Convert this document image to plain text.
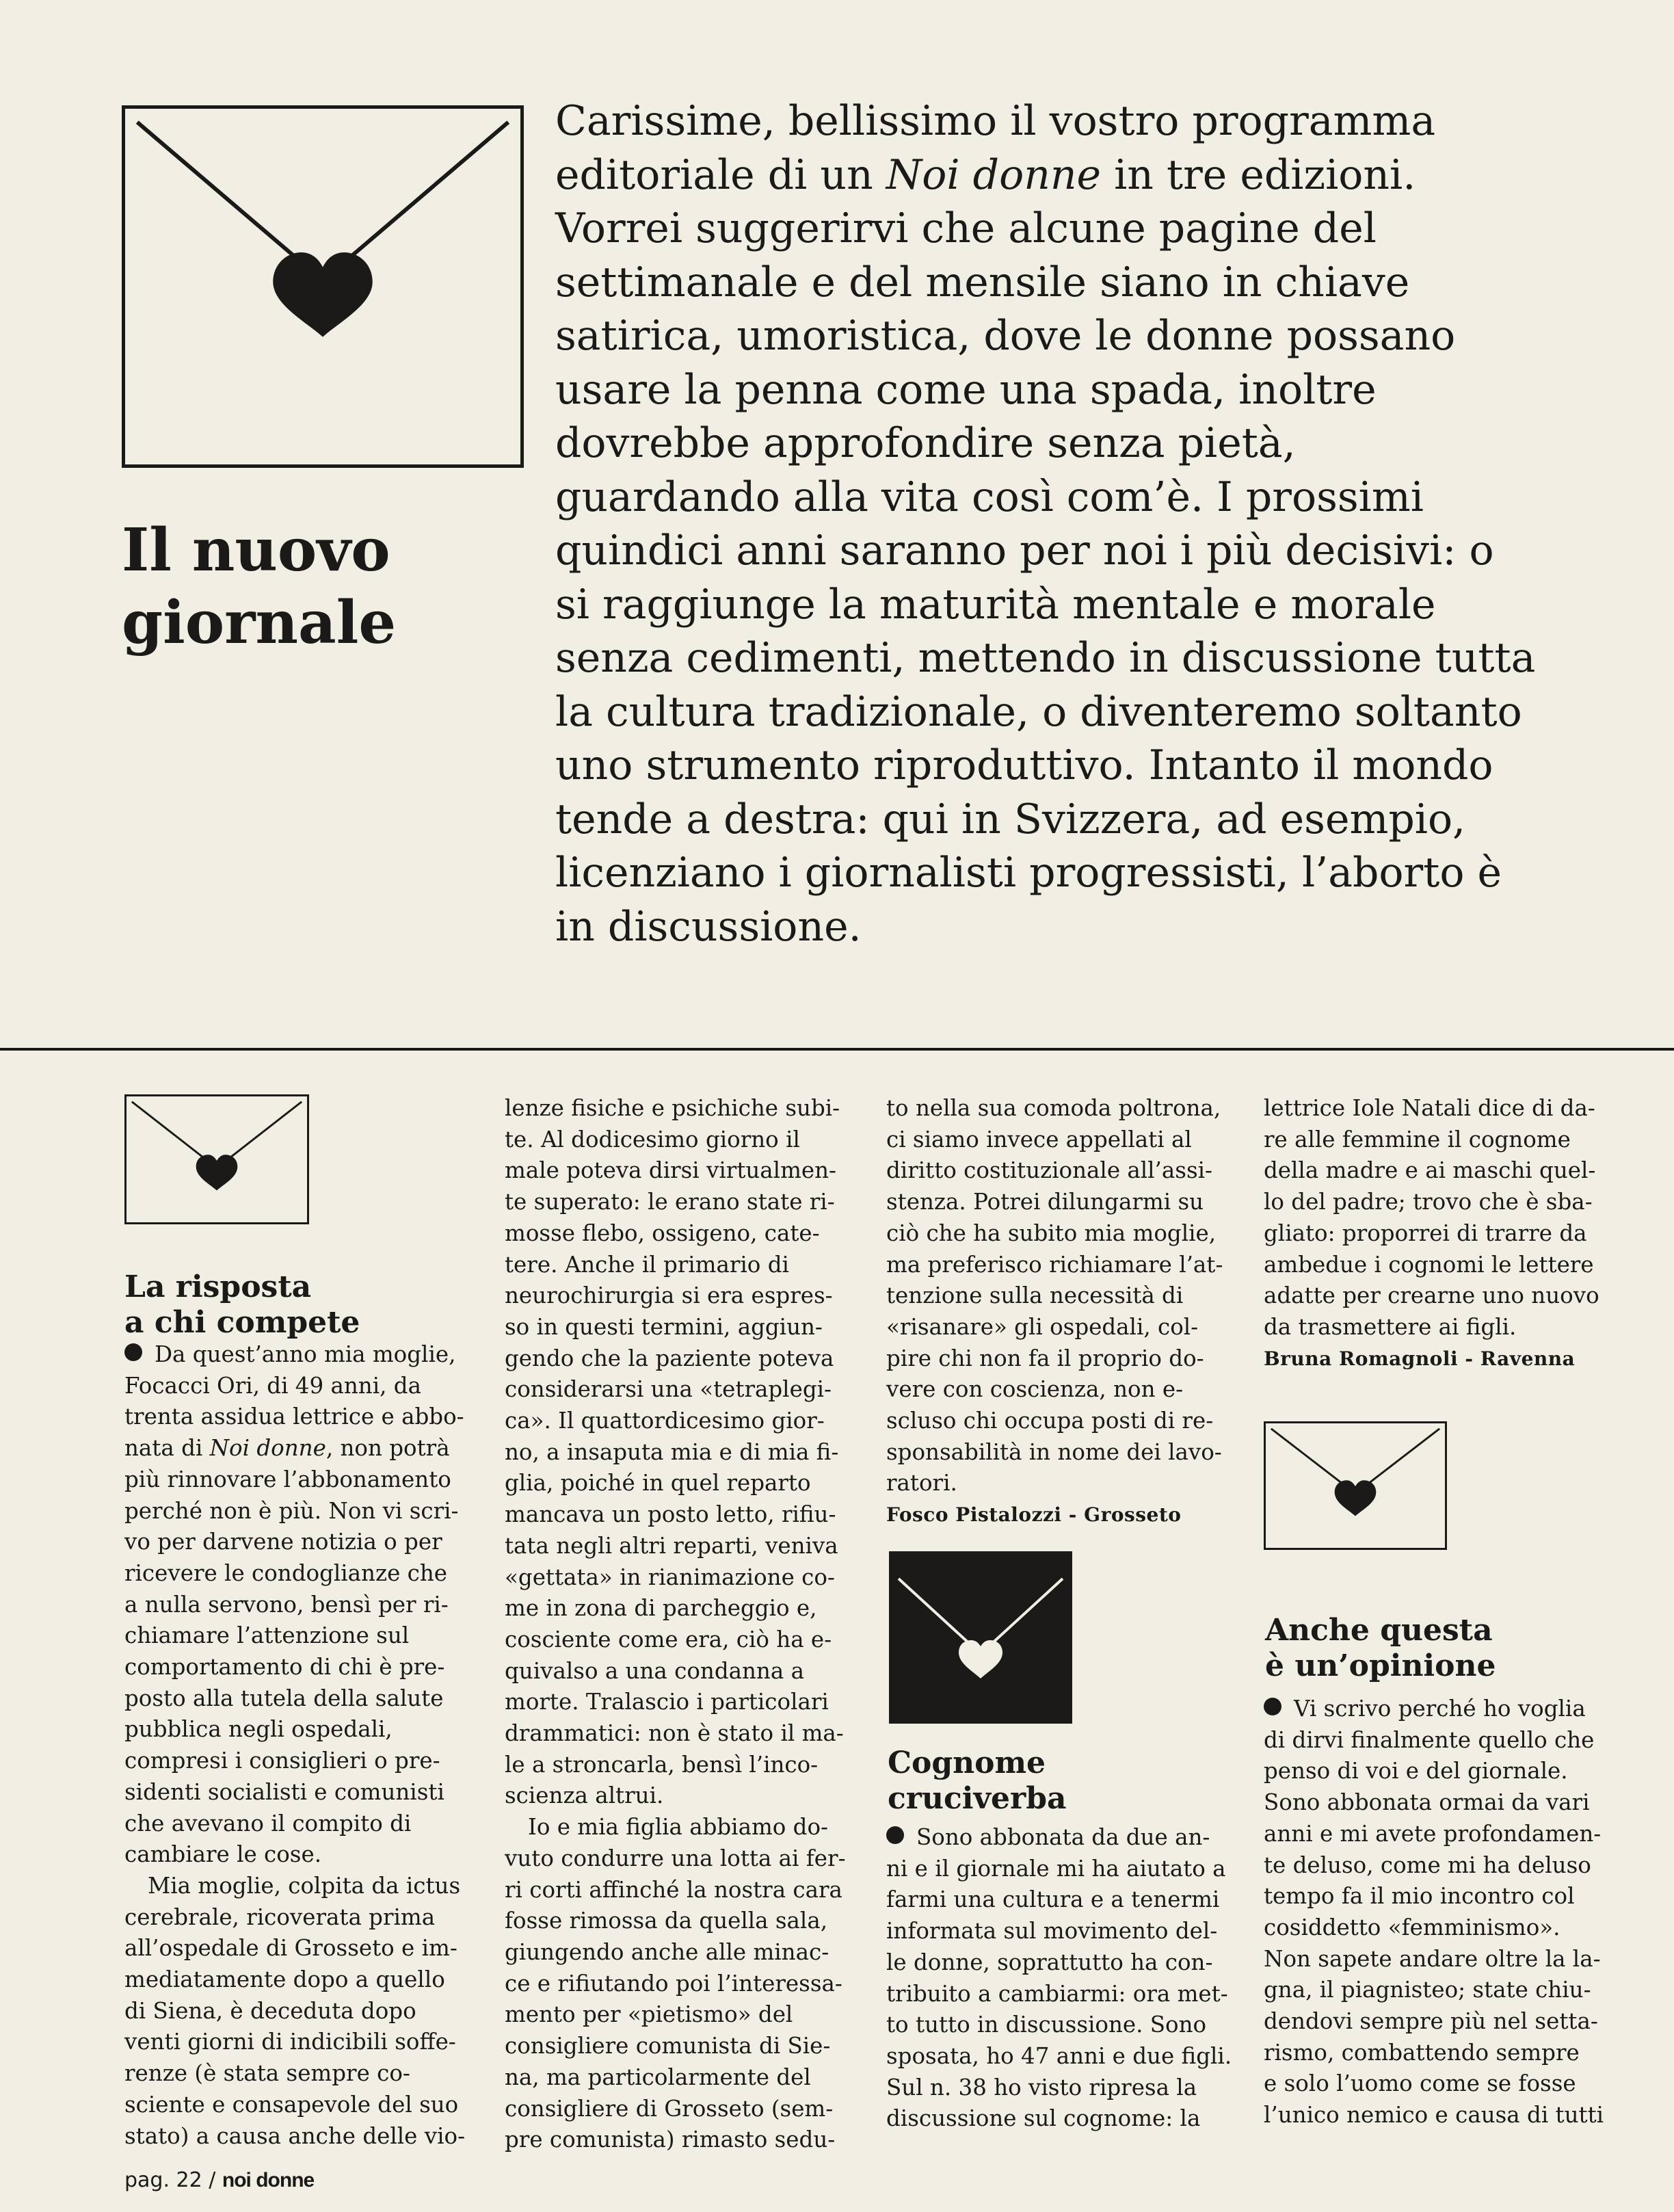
Il nuovo giornale
Carissime, bellissimo il vostro programma
editoriale di un Noi donne in tre edizioni.
Vorrei suggerirvi che alcune pagine del
settimanale e del mensile siano in chiave
satirica, umoristica, dove le donne possano
usare la penna come una spada, inoltre
dovrebbe approfondire senza pietà,
guardando alla vita così com’è. I prossimi
quindici anni saranno per noi i più decisivi: o
si raggiunge la maturità mentale e morale
senza cedimenti, mettendo in discussione tutta
la cultura tradizionale, o diventeremo soltanto
uno strumento riproduttivo. Intanto il mondo
tende a destra: qui in Svizzera, ad esempio,
licenziano i giornalisti progressisti, l’aborto è
in discussione.
La risposta
a chi compete
Da quest’anno mia moglie,
Focacci Ori, di 49 anni, da
trenta assidua lettrice e abbo-
nata di Noi donne, non potrà
più rinnovare l’abbonamento
perché non è più. Non vi scri-
vo per darvene notizia o per
ricevere le condoglianze che
a nulla servono, bensì per ri-
chiamare l’attenzione sul
comportamento di chi è pre-
posto alla tutela della salute
pubblica negli ospedali,
compresi i consiglieri o pre-
sidenti socialisti e comunisti
che avevano il compito di
cambiare le cose.
Mia moglie, colpita da ictus
cerebrale, ricoverata prima
all’ospedale di Grosseto e im-
mediatamente dopo a quello
di Siena, è deceduta dopo
venti giorni di indicibili soffe-
renze (è stata sempre co-
sciente e consapevole del suo
stato) a causa anche delle vio-
lenze fisiche e psichiche subi-
te. Al dodicesimo giorno il
male poteva dirsi virtualmen-
te superato: le erano state ri-
mosse flebo, ossigeno, cate-
tere. Anche il primario di
neurochirurgia si era espres-
so in questi termini, aggiun-
gendo che la paziente poteva
considerarsi una «tetraplegi-
ca». Il quattordicesimo gior-
no, a insaputa mia e di mia fi-
glia, poiché in quel reparto
mancava un posto letto, rifiu-
tata negli altri reparti, veniva
«gettata» in rianimazione co-
me in zona di parcheggio e,
cosciente come era, ciò ha e-
quivalso a una condanna a
morte. Tralascio i particolari
drammatici: non è stato il ma-
le a stroncarla, bensì l’inco-
scienza altrui.
Io e mia figlia abbiamo do-
vuto condurre una lotta ai fer-
ri corti affinché la nostra cara
fosse rimossa da quella sala,
giungendo anche alle minac-
ce e rifiutando poi l’interessa-
mento per «pietismo» del
consigliere comunista di Sie-
na, ma particolarmente del
consigliere di Grosseto (sem-
pre comunista) rimasto sedu-
to nella sua comoda poltrona,
ci siamo invece appellati al
diritto costituzionale all’assi-
stenza. Potrei dilungarmi su
ciò che ha subito mia moglie,
ma preferisco richiamare l’at-
tenzione sulla necessità di
«risanare» gli ospedali, col-
pire chi non fa il proprio do-
vere con coscienza, non e-
scluso chi occupa posti di re-
sponsabilità in nome dei lavo-
ratori.
Fosco Pistalozzi - Grosseto
Cognome
cruciverba
Sono abbonata da due an-
ni e il giornale mi ha aiutato a
farmi una cultura e a tenermi
informata sul movimento del-
le donne, soprattutto ha con-
tribuito a cambiarmi: ora met-
to tutto in discussione. Sono
sposata, ho 47 anni e due figli.
Sul n. 38 ho visto ripresa la
discussione sul cognome: la
lettrice Iole Natali dice di da-
re alle femmine il cognome
della madre e ai maschi quel-
lo del padre; trovo che è sba-
gliato: proporrei di trarre da
ambedue i cognomi le lettere
adatte per crearne uno nuovo
da trasmettere ai figli.
Bruna Romagnoli - Ravenna
Anche questa
è un’opinione
Vi scrivo perché ho voglia
di dirvi finalmente quello che
penso di voi e del giornale.
Sono abbonata ormai da vari
anni e mi avete profondamen-
te deluso, come mi ha deluso
tempo fa il mio incontro col
cosiddetto «femminismo».
Non sapete andare oltre la la-
gna, il piagnisteo; state chiu-
dendovi sempre più nel setta-
rismo, combattendo sempre
e solo l’uomo come se fosse
l’unico nemico e causa di tutti
pag. 22 / noi donne
